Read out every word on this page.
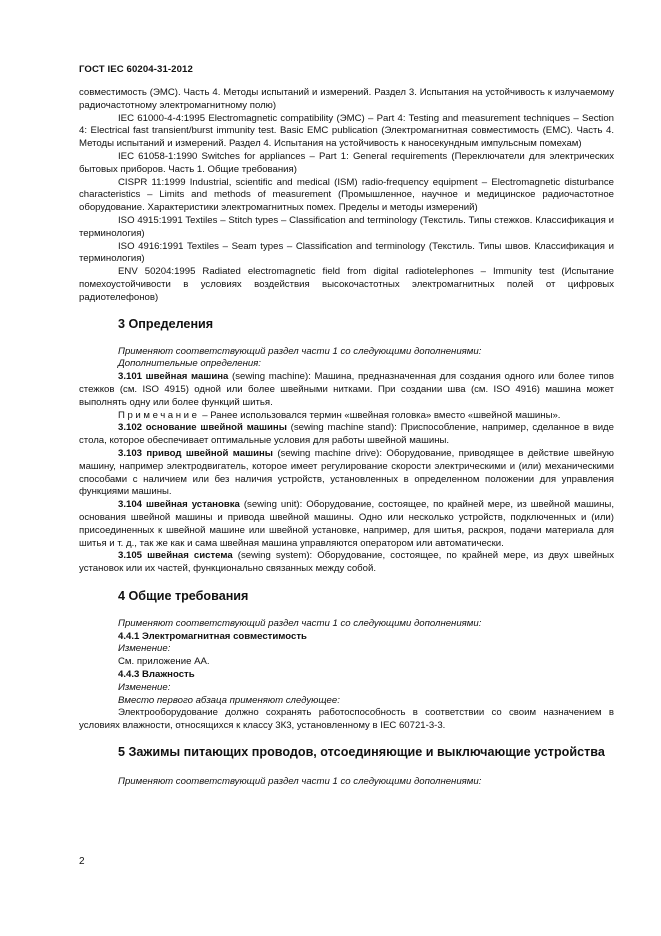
ГОСТ IEC 60204-31-2012

совместимость (ЭМС). Часть 4. Методы испытаний и измерений. Раздел 3. Испытания на устойчивость к излучаемому радиочастотному электромагнитному полю)

IEC 61000-4-4:1995 Electromagnetic compatibility (ЭМС) – Part 4: Testing and measurement techniques – Section 4: Electrical fast transient/burst immunity test. Basic EMC publication (Электромагнитная совместимость (ЕМС). Часть 4. Методы испытаний и измерений. Раздел 4. Испытания на устойчивость к наносекундным импульсным помехам)

IEC 61058-1:1990 Switches for appliances – Part 1: General requirements (Переключатели для электрических бытовых приборов. Часть 1. Общие требования)

CISPR 11:1999 Industrial, scientific and medical (ISM) radio-frequency equipment – Electromagnetic disturbance characteristics – Limits and methods of measurement (Промышленное, научное и медицинское радиочастотное оборудование. Характеристики электромагнитных помех. Пределы и методы измерений)

ISO 4915:1991 Textiles – Stitch types – Classification and terminology (Текстиль. Типы стежков. Классификация и терминология)

ISO 4916:1991 Textiles – Seam types – Classification and terminology (Текстиль. Типы швов. Классификация и терминология)

ENV 50204:1995 Radiated electromagnetic field from digital radiotelephones – Immunity test (Испытание помехоустойчивости в условиях воздействия высокочастотных электромагнитных полей от цифровых радиотелефонов)

3 Определения

Применяют соответствующий раздел части 1 со следующими дополнениями:

Дополнительные определения:

3.101 швейная машина (sewing machine): Машина, предназначенная для создания одного или более типов стежков (см. ISO 4915) одной или более швейными нитками. При создании шва (см. ISO 4916) машина может выполнять одну или более функций шитья.

Примечание – Ранее использовался термин «швейная головка» вместо «швейной машины».

3.102 основание швейной машины (sewing machine stand): Приспособление, например, сделанное в виде стола, которое обеспечивает оптимальные условия для работы швейной машины.

3.103 привод швейной машины (sewing machine drive): Оборудование, приводящее в действие швейную машину, например электродвигатель, которое имеет регулирование скорости электрическими и (или) механическими способами с наличием или без наличия устройств, установленных в определенном положении для управления функциями машины.

3.104 швейная установка (sewing unit): Оборудование, состоящее, по крайней мере, из швейной машины, основания швейной машины и привода швейной машины. Одно или несколько устройств, подключенных и (или) присоединенных к швейной машине или швейной установке, например, для шитья, раскроя, подачи материала для шитья и т. д., так же как и сама швейная машина управляются оператором или автоматически.

3.105 швейная система (sewing system): Оборудование, состоящее, по крайней мере, из двух швейных установок или их частей, функционально связанных между собой.

4 Общие требования

Применяют соответствующий раздел части 1 со следующими дополнениями:

4.4.1 Электромагнитная совместимость

Изменение:

См. приложение АА.

4.4.3 Влажность

Изменение:

Вместо первого абзаца применяют следующее:

Электрооборудование должно сохранять работоспособность в соответствии со своим назначением в условиях влажности, относящихся к классу 3К3, установленному в IEC 60721-3-3.

5 Зажимы питающих проводов, отсоединяющие и выключающие устройства

Применяют соответствующий раздел части 1 со следующими дополнениями:

2
